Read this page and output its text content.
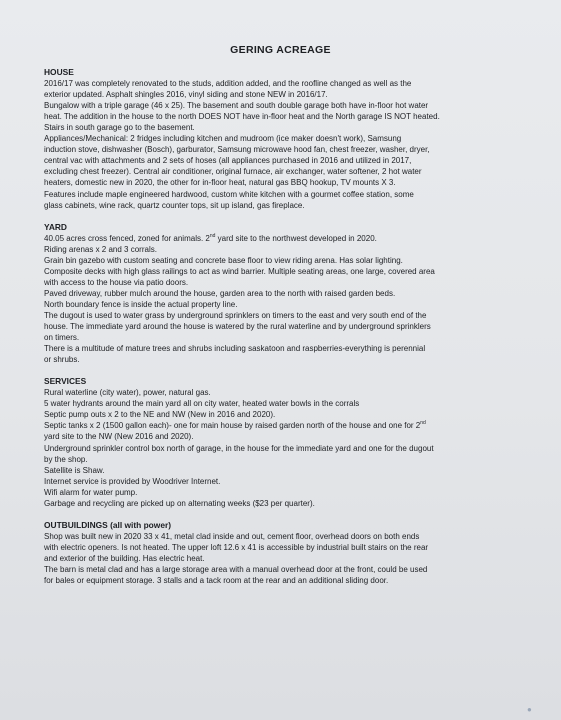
GERING ACREAGE
HOUSE
2016/17 was completely renovated to the studs, addition added, and the roofline changed as well as the
exterior updated. Asphalt shingles 2016, vinyl siding and stone NEW in 2016/17.
Bungalow with a triple garage (46 x 25). The basement and south double garage both have in-floor hot water
heat. The addition in the house to the north DOES NOT have in-floor heat and the North garage IS NOT heated.
Stairs in south garage go to the basement.
Appliances/Mechanical: 2 fridges including kitchen and mudroom (ice maker doesn't work), Samsung
induction stove, dishwasher (Bosch), garburator, Samsung microwave hood fan, chest freezer, washer, dryer,
central vac with attachments and 2 sets of hoses (all appliances purchased in 2016 and utilized in 2017,
excluding chest freezer). Central air conditioner, original furnace, air exchanger, water softener, 2 hot water
heaters, domestic new in 2020, the other for in-floor heat, natural gas BBQ hookup, TV mounts X 3.
Features include maple engineered hardwood, custom white kitchen with a gourmet coffee station, some
glass cabinets, wine rack, quartz counter tops, sit up island, gas fireplace.
YARD
40.05 acres cross fenced, zoned for animals. 2nd yard site to the northwest developed in 2020.
Riding arenas x 2 and 3 corrals.
Grain bin gazebo with custom seating and concrete base floor to view riding arena. Has solar lighting.
Composite decks with high glass railings to act as wind barrier. Multiple seating areas, one large, covered area
with access to the house via patio doors.
Paved driveway, rubber mulch around the house, garden area to the north with raised garden beds.
North boundary fence is inside the actual property line.
The dugout is used to water grass by underground sprinklers on timers to the east and very south end of the
house. The immediate yard around the house is watered by the rural waterline and by underground sprinklers
on timers.
There is a multitude of mature trees and shrubs including saskatoon and raspberries-everything is perennial
or shrubs.
SERVICES
Rural waterline (city water), power, natural gas.
5 water hydrants around the main yard all on city water, heated water bowls in the corrals
Septic pump outs x 2 to the NE and NW (New in 2016 and 2020).
Septic tanks x 2 (1500 gallon each)- one for main house by raised garden north of the house and one for 2nd
yard site to the NW (New 2016 and 2020).
Underground sprinkler control box north of garage, in the house for the immediate yard and one for the dugout
by the shop.
Satellite is Shaw.
Internet service is provided by Woodriver Internet.
Wifi alarm for water pump.
Garbage and recycling are picked up on alternating weeks ($23 per quarter).
OUTBUILDINGS (all with power)
Shop was built new in 2020 33 x 41, metal clad inside and out, cement floor, overhead doors on both ends
with electric openers. Is not heated. The upper loft 12.6 x 41 is accessible by industrial built stairs on the rear
and exterior of the building. Has electric heat.
The barn is metal clad and has a large storage area with a manual overhead door at the front, could be used
for bales or equipment storage. 3 stalls and a tack room at the rear and an additional sliding door.
●
